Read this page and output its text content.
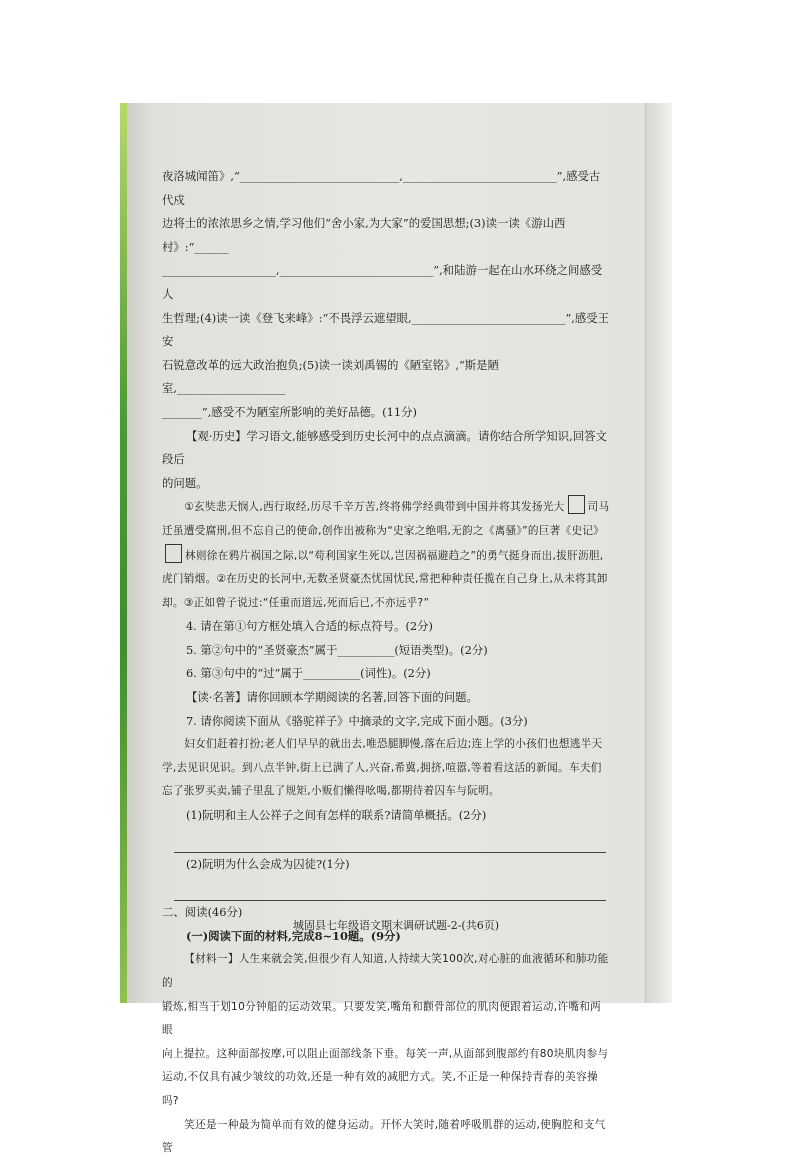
夜洛城闻笛》,“____________________________,___________________________”,感受古代戍

边将士的浓浓思乡之情,学习他们“舍小家,为大家”的爱国思想;(3)读一读《游山西村》:“______

____________________,___________________________”,和陆游一起在山水环绕之间感受人

生哲理;(4)读一读《登飞来峰》:“不畏浮云遮望眼,___________________________”,感受王安

石锐意改革的远大政治抱负;(5)读一读刘禹锡的《陋室铭》,“斯是陋室,___________________

_______”,感受不为陋室所影响的美好品德。(11分)

【观·历史】学习语文,能够感受到历史长河中的点点滴滴。请你结合所学知识,回答文段后

的问题。

①玄奘悲天悯人,西行取经,历尽千辛万苦,终将佛学经典带到中国并将其发扬光大 司马

迁虽遭受腐刑,但不忘自己的使命,创作出被称为“史家之绝唱,无韵之《离骚》”的巨著《史记》

林则徐在鸦片祸国之际,以“苟利国家生死以,岂因祸福避趋之”的勇气挺身而出,拔肝沥胆,

虎门销烟。②在历史的长河中,无数圣贤豪杰忧国忧民,常把种种责任揽在自己身上,从未将其卸

却。③正如曾子说过:“任重而道远,死而后已,不亦远乎?”

4. 请在第①句方框处填入合适的标点符号。(2分)

5. 第②句中的“圣贤豪杰”属于__________(短语类型)。(2分)

6. 第③句中的“过”属于__________(词性)。(2分)

【读·名著】请你回顾本学期阅读的名著,回答下面的问题。

7. 请你阅读下面从《骆驼祥子》中摘录的文字,完成下面小题。(3分)

妇女们赶着打扮;老人们早早的就出去,唯恐腿脚慢,落在后边;连上学的小孩们也想逃半天

学,去见识见识。到八点半钟,街上已满了人,兴奋,希冀,拥挤,喧嚣,等着看这活的新闻。车夫们

忘了张罗买卖,铺子里乱了规矩,小贩们懒得吆喝,都期待着囚车与阮明。

(1)阮明和主人公祥子之间有怎样的联系?请简单概括。(2分)

(2)阮明为什么会成为囚徒?(1分)

二、阅读(46分)

(一)阅读下面的材料,完成8~10题。(9分)

【材料一】人生来就会笑,但很少有人知道,人持续大笑100次,对心脏的血液循环和肺功能的

锻炼,相当于划10分钟船的运动效果。只要发笑,嘴角和颧骨部位的肌肉便跟着运动,许嘴和两眼

向上提拉。这种面部按摩,可以阻止面部线条下垂。每笑一声,从面部到腹部约有80块肌肉参与

运动,不仅具有减少皱纹的功效,还是一种有效的减肥方式。笑,不正是一种保持青春的美容操吗?

笑还是一种最为简单而有效的健身运动。开怀大笑时,随着呼吸肌群的运动,使胸腔和支气管

城固县七年级语文期末调研试题-2-(共6页)
